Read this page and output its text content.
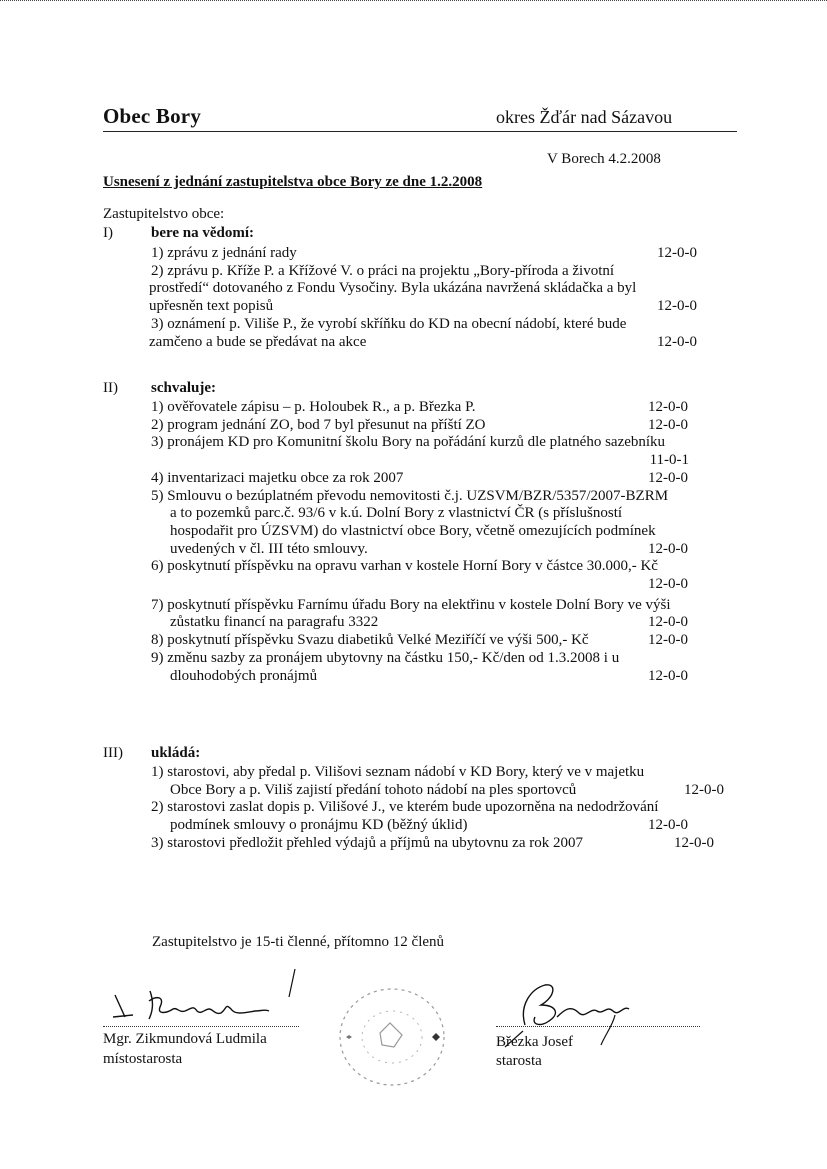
Obec Bory	okres Žďár nad Sázavou
V Borech 4.2.2008
Usnesení z jednání zastupitelstva obce Bory ze dne 1.2.2008
Zastupitelstvo obce:
I)	bere na vědomí:
1) zprávu z jednání rady	12-0-0
2) zprávu p. Kříže P. a Křížové V. o práci na projektu „Bory-příroda a životní
prostředí“ dotovaného z Fondu Vysočiny. Byla ukázána navržená skládačka a byl
upřesněn text popisů	12-0-0
3) oznámení p. Viliše P., že vyrobí skříňku do KD na obecní nádobí, které bude
zamčeno a bude se předávat na akce	12-0-0
II) schvaluje:
1) ověřovatele zápisu – p. Holoubek R., a p. Březka P.	12-0-0
2) program jednání ZO, bod 7 byl přesunut na příští ZO	12-0-0
3) pronájem KD pro Komunitní školu Bory na pořádání kurzů dle platného sazebníku
11-0-1
4) inventarizaci majetku obce za rok 2007	12-0-0
5) Smlouvu o bezúplatném převodu nemovitosti č.j. UZSVM/BZR/5357/2007-BZRM
a to pozemků parc.č. 93/6 v k.ú. Dolní Bory z vlastnictví ČR (s příslušností
hospodařit pro ÚZSVM) do vlastnictví obce Bory, včetně omezujících podmínek
uvedených v čl. III této smlouvy.	12-0-0
6) poskytnutí příspěvku na opravu varhan v kostele Horní Bory v částce 30.000,- Kč
12-0-0
7) poskytnutí příspěvku Farnímu úřadu Bory na elektřinu v kostele Dolní Bory ve výši
zůstatku financí na paragrafu 3322	12-0-0
8) poskytnutí příspěvku Svazu diabetiků Velké Meziříčí ve výši 500,- Kč	12-0-0
9) změnu sazby za pronájem ubytovny na částku 150,- Kč/den od 1.3.2008 i u
dlouhodobých pronájmů	12-0-0
III) ukládá:
1) starostovi, aby předal p. Vilišovi seznam nádobí v KD Bory, který ve v majetku
Obce Bory a p. Viliš zajistí předání tohoto nádobí na ples sportovců	12-0-0
2) starostovi zaslat dopis p. Vilišové J., ve kterém bude upozorněna na nedodržování
podmínek smlouvy o pronájmu KD (běžný úklid)	12-0-0
3) starostovi předložit přehled výdajů a příjmů na ubytovnu za rok 2007	12-0-0
Zastupitelstvo je 15-ti členné, přítomno 12 členů
Mgr. Zikmundová Ludmila
místostarosta
Březka Josef
starosta
